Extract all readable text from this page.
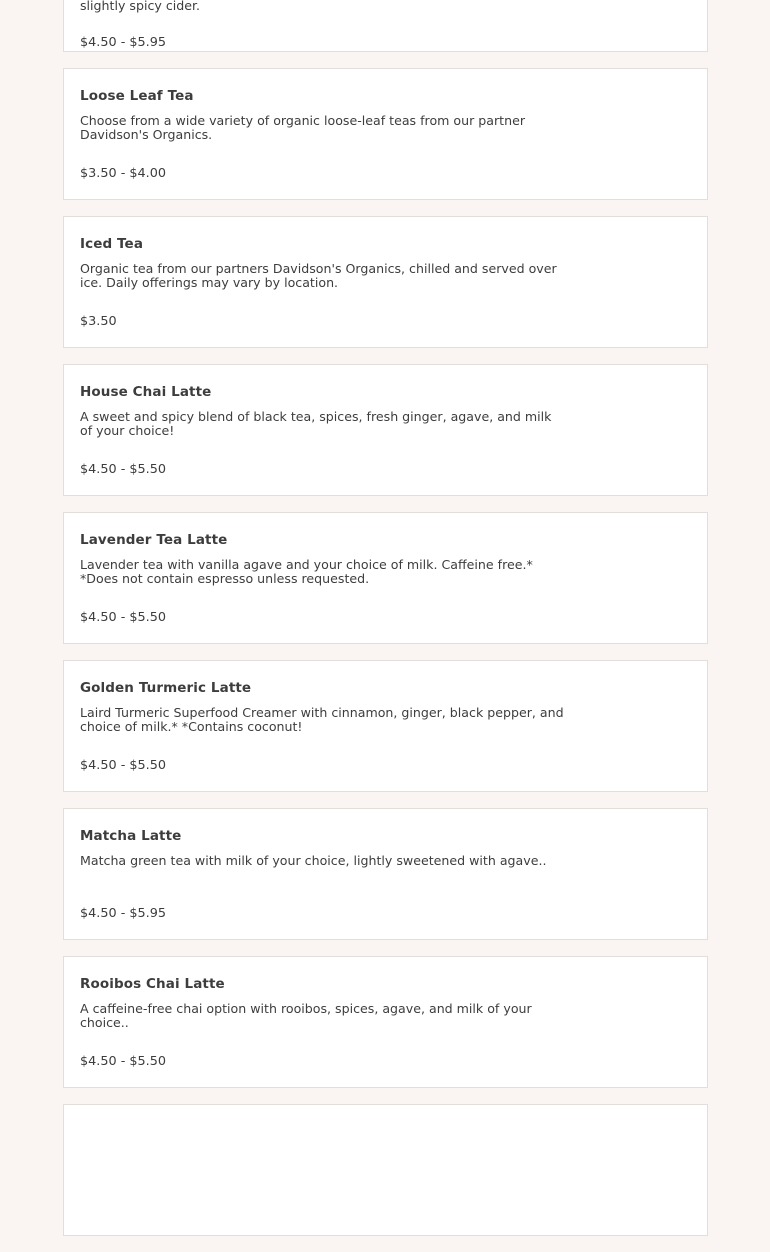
slightly spicy cider.
$4.50 - $5.95
Loose Leaf Tea
Choose from a wide variety of organic loose-leaf teas from our partner Davidson's Organics.
$3.50 - $4.00
Iced Tea
Organic tea from our partners Davidson's Organics, chilled and served over ice. Daily offerings may vary by location.
$3.50
House Chai Latte
A sweet and spicy blend of black tea, spices, fresh ginger, agave, and milk of your choice!
$4.50 - $5.50
Lavender Tea Latte
Lavender tea with vanilla agave and your choice of milk. Caffeine free.* *Does not contain espresso unless requested.
$4.50 - $5.50
Golden Turmeric Latte
Laird Turmeric Superfood Creamer with cinnamon, ginger, black pepper, and choice of milk.* *Contains coconut!
$4.50 - $5.50
Matcha Latte
Matcha green tea with milk of your choice, lightly sweetened with agave..
$4.50 - $5.95
Rooibos Chai Latte
A caffeine-free chai option with rooibos, spices, agave, and milk of your choice..
$4.50 - $5.50
